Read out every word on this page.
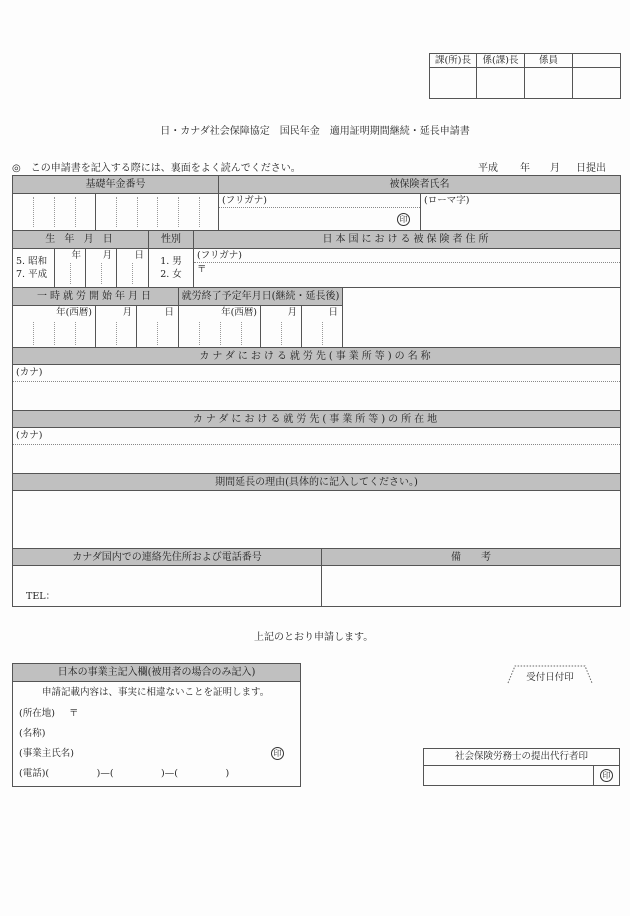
課(所)長	係(課)長	係員
日・カナダ社会保障協定　国民年金　適用証明期間継続・延長申請書
◎　この申請書を記入する際には、裏面をよく読んでください。	平成	年	月	日提出
基礎年金番号	被保険者氏名
(フリガナ)
印
(ローマ字)
生 年 月 日	性別	日本国における被保険者住所
5. 昭和
7. 平成
年	月	日
1. 男
2. 女
(フリガナ)
〒
一時就労開始年月日	就労終了予定年月日(継続・延長後)
年(西暦)	月	日	年(西暦)	月	日
カナダにおける就労先(事業所等)の名称
(カナ)
カナダにおける就労先(事業所等)の所在地
(カナ)
期間延長の理由(具体的に記入してください。)
カナダ国内での連絡先住所および電話番号	備　　考
TEL：
上記のとおり申請します。
日本の事業主記入欄(被用者の場合のみ記入)
申請記載内容は、事実に相違ないことを証明します。
(所在地)	〒
(名称)
(事業主氏名)	印
(電話)(　　　　　)—(　　　　　)—(　　　　　)
受付日付印
社会保険労務士の提出代行者印
印
